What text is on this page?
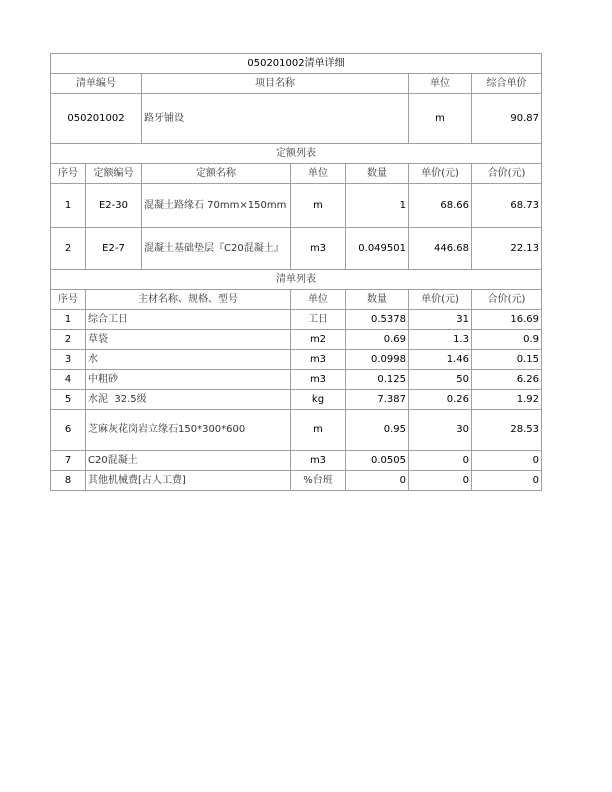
050201002清单详细						
清单编号		项目名称			单位	综合单价
050201002		路牙铺设			m	90.87
定额列表						
序号	定额编号	定额名称	单位	数量	单价(元)	合价(元)
1	E2-30	混凝土路缘石 70mm×150mm	m	1	68.66	68.73
2	E2-7	混凝土基础垫层『C20混凝土』	m3	0.049501	446.68	22.13
清单列表						
序号	主材名称、规格、型号	单位	数量	单价(元)	合价(元)
1	综合工日	工日	0.5378	31	16.69
2	草袋	m2	0.69	1.3	0.9
3	水	m3	0.0998	1.46	0.15
4	中粗砂	m3	0.125	50	6.26
5	水泥  32.5级	kg	7.387	0.26	1.92
6	芝麻灰花岗岩立缘石150*300*600	m	0.95	30	28.53
7	C20混凝土	m3	0.0505	0	0
8	其他机械费[占人工费]	%台班	0	0	0
